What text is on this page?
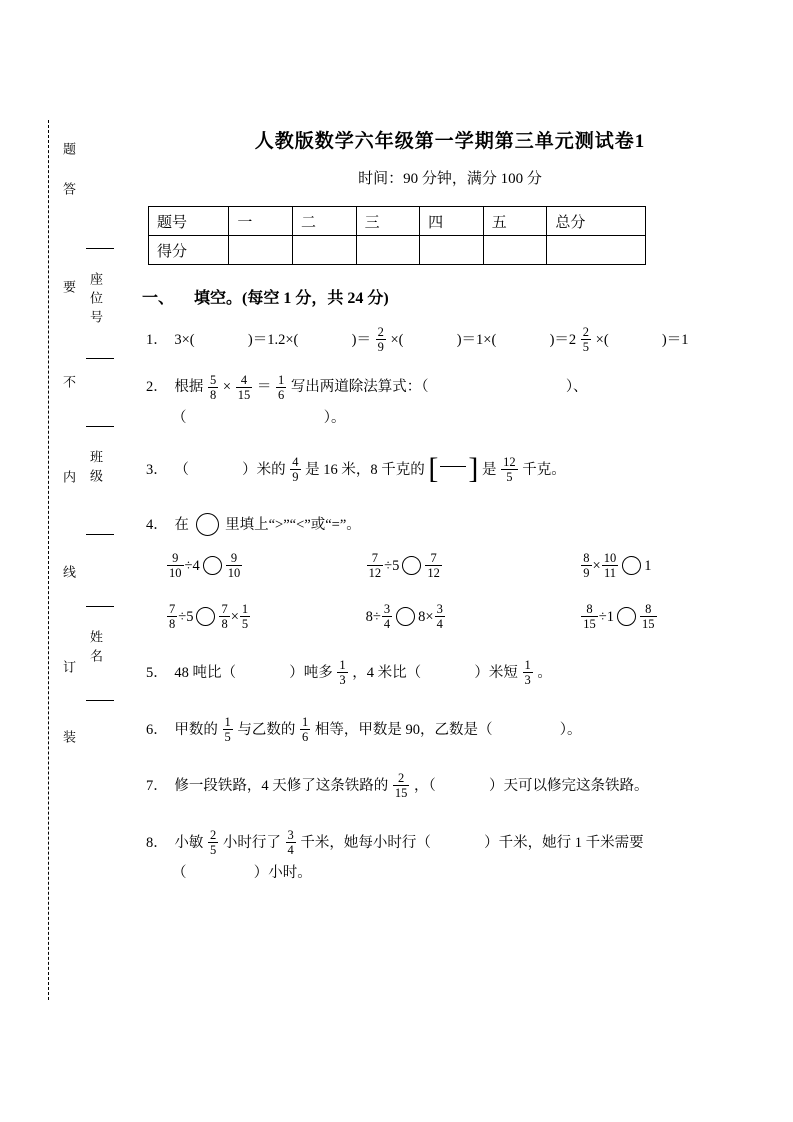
题
答
要
不
内
线
订
装
座位号
班级
姓名
人教版数学六年级第一学期第三单元测试卷1
时间：90 分钟，满分 100 分
题号	一	二	三	四	五	总分
得分						
一、 填空。(每空 1 分，共 24 分)
1． 3×(	)＝1.2×(	)＝ $\frac{2}{9}$ ×(	)＝1×(	)$=2 \frac{2}{5}$ ×(	)＝1
2． 根据 $\frac{5}{8} \times \frac{4}{15} = \frac{1}{6}$ 写出两道除法算式：（	）、
（	）。
3． （	）米的 $\frac{4}{9}$ 是 16 米，8 千克的 [ ] 是 $\frac{12}{5}$ 千克。
4． 在	里填上“>”“<”或“=”。
$\frac{9}{10} \div 4 \frac{9}{10}$	$\frac{7}{12} \div 5 \frac{7}{12}$	$\frac{8}{9} \times \frac{10}{11} 1$
$\frac{7}{8} \div 5 \frac{7}{8} \times \frac{1}{5}$	$8\div \frac{3}{4} 8\times \frac{3}{4}$	$\frac{8}{15} \div 1 \frac{8}{15}$
5． 48 吨比（	）吨多 $\frac{1}{3}$ ，4 米比（	）米短 $\frac{1}{3}$ 。
6． 甲数的 $\frac{1}{5}$ 与乙数的 $\frac{1}{6}$ 相等，甲数是 90，乙数是（	）。
7． 修一段铁路，4 天修了这条铁路的 $\frac{2}{15}$ ，（	）天可以修完这条铁路。
8． 小敏 $\frac{2}{5}$ 小时行了 $\frac{3}{4}$ 千米，她每小时行（	）千米，她行 1 千米需要
（	）小时。
